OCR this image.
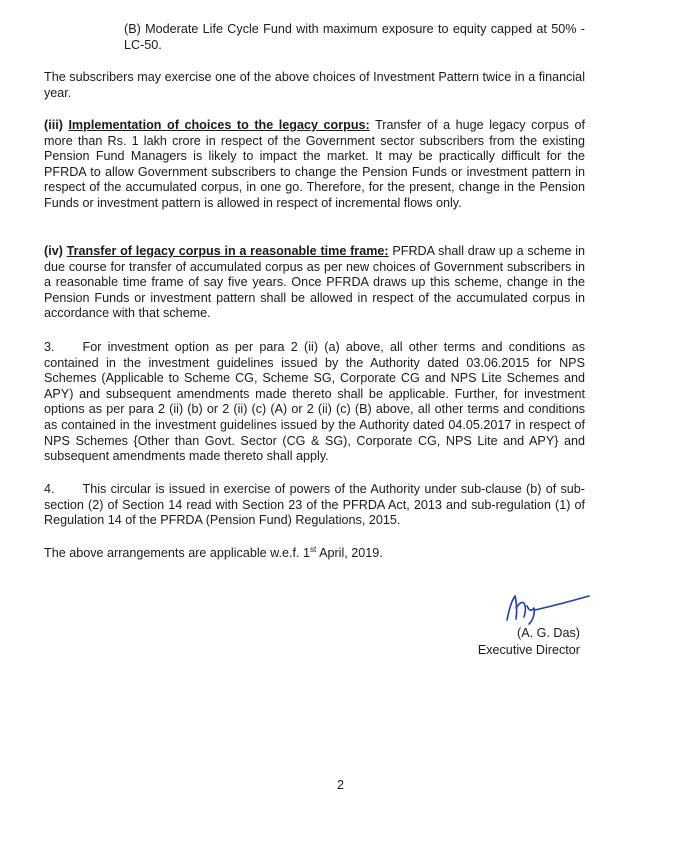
(B) Moderate Life Cycle Fund with maximum exposure to equity capped at 50% - LC-50.

The subscribers may exercise one of the above choices of Investment Pattern twice in a financial year.

(iii) Implementation of choices to the legacy corpus: Transfer of a huge legacy corpus of more than Rs. 1 lakh crore in respect of the Government sector subscribers from the existing Pension Fund Managers is likely to impact the market. It may be practically difficult for the PFRDA to allow Government subscribers to change the Pension Funds or investment pattern in respect of the accumulated corpus, in one go. Therefore, for the present, change in the Pension Funds or investment pattern is allowed in respect of incremental flows only.

(iv) Transfer of legacy corpus in a reasonable time frame: PFRDA shall draw up a scheme in due course for transfer of accumulated corpus as per new choices of Government subscribers in a reasonable time frame of say five years. Once PFRDA draws up this scheme, change in the Pension Funds or investment pattern shall be allowed in respect of the accumulated corpus in accordance with that scheme.

3. For investment option as per para 2 (ii) (a) above, all other terms and conditions as contained in the investment guidelines issued by the Authority dated 03.06.2015 for NPS Schemes (Applicable to Scheme CG, Scheme SG, Corporate CG and NPS Lite Schemes and APY) and subsequent amendments made thereto shall be applicable. Further, for investment options as per para 2 (ii) (b) or 2 (ii) (c) (A) or 2 (ii) (c) (B) above, all other terms and conditions as contained in the investment guidelines issued by the Authority dated 04.05.2017 in respect of NPS Schemes {Other than Govt. Sector (CG & SG), Corporate CG, NPS Lite and APY} and subsequent amendments made thereto shall apply.

4. This circular is issued in exercise of powers of the Authority under sub-clause (b) of sub-section (2) of Section 14 read with Section 23 of the PFRDA Act, 2013 and sub-regulation (1) of Regulation 14 of the PFRDA (Pension Fund) Regulations, 2015.

The above arrangements are applicable w.e.f. 1st April, 2019.

(A. G. Das)

Executive Director

2
